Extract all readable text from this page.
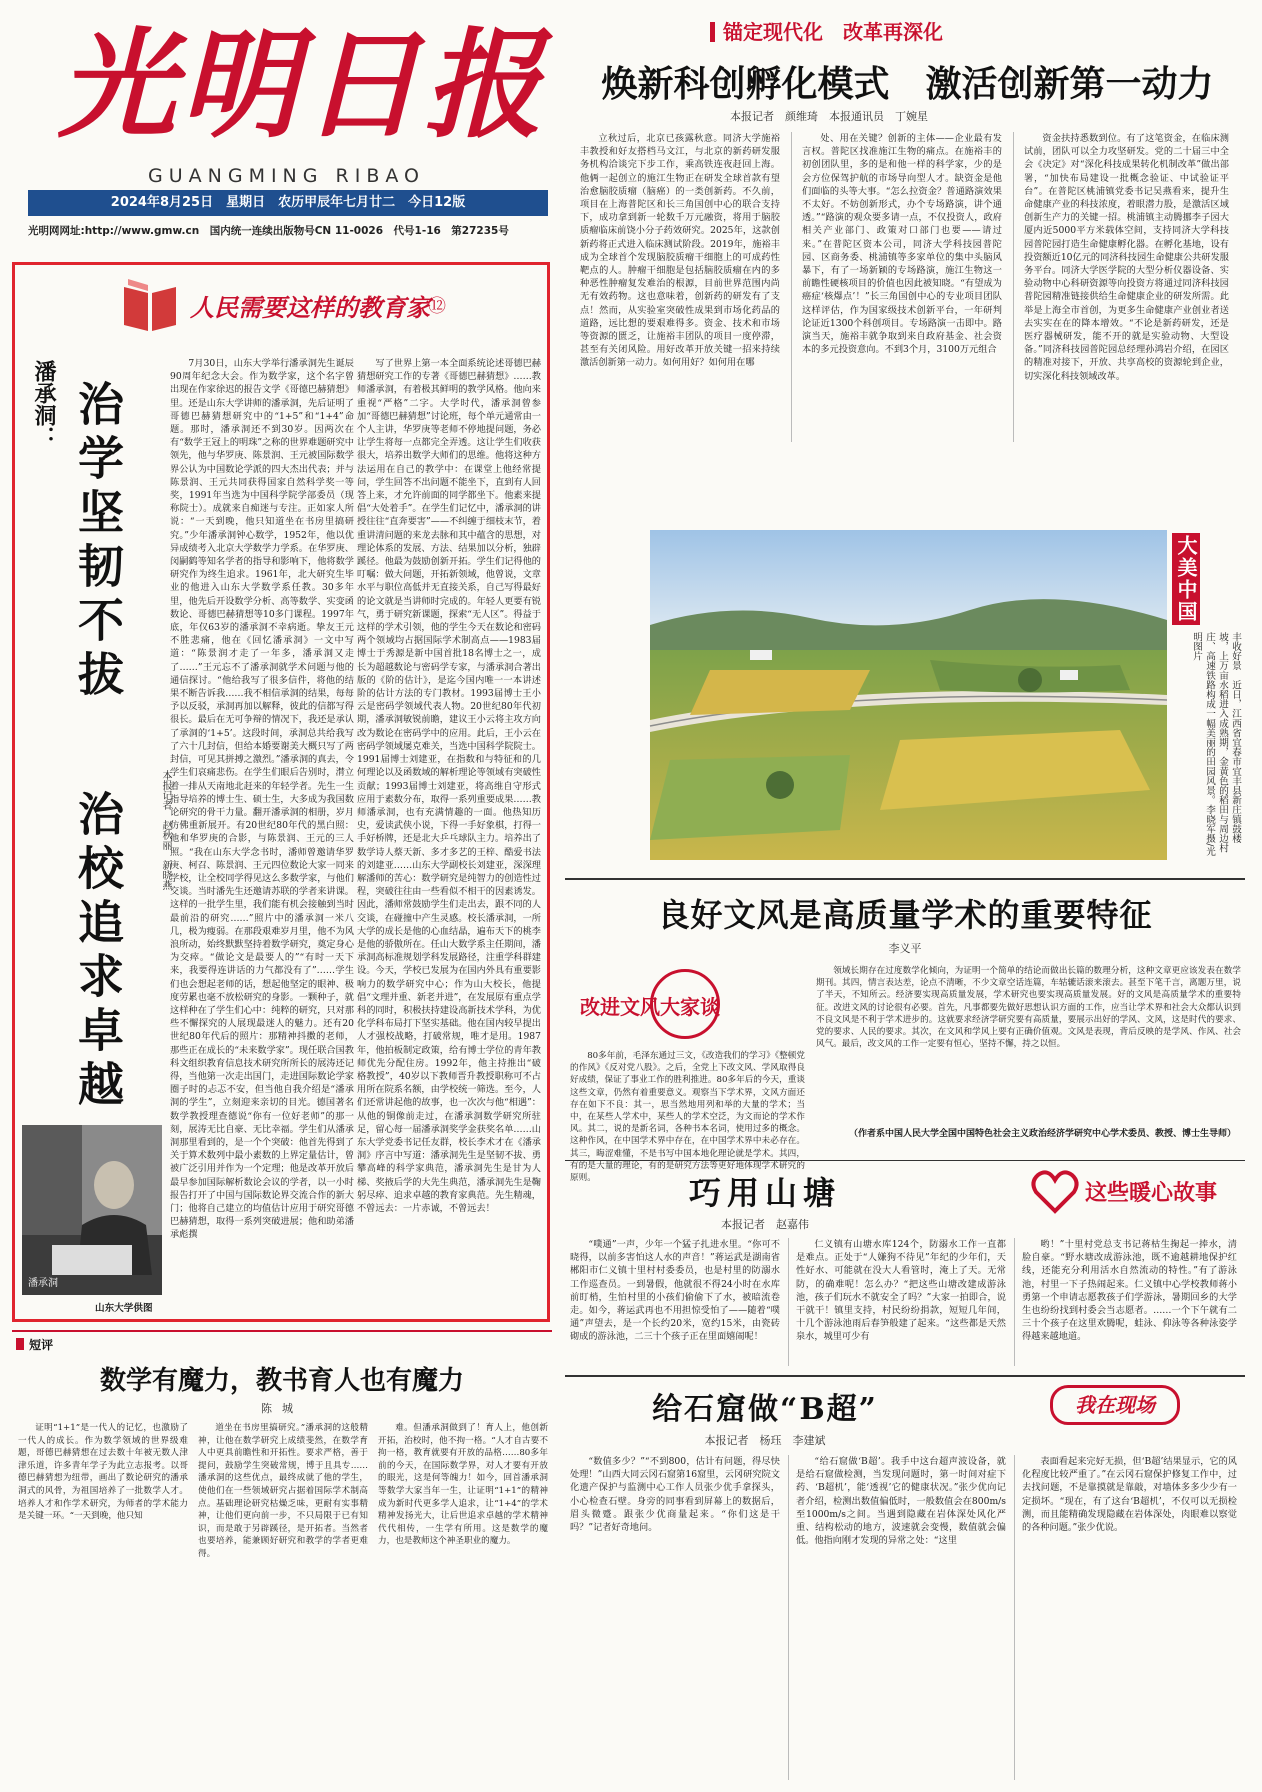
光明日报
GUANGMING RIBAO
2024年8月25日　星期日　农历甲辰年七月廿二　今日12版
光明网网址:http://www.gmw.cn　国内统一连续出版物号CN 11-0026　代号1-16　第27235号
锚定现代化　改革再深化
焕新科创孵化模式　激活创新第一动力
本报记者　颜维琦　本报通讯员　丁婉星

立秋过后，北京已孩露秋意。同济大学施裕丰教授和好友搭档马文江，与北京的新药研发服务机构洽谈完下步工作，乘高铁连夜赶回上海。他俩一起创立的施江生物正在研发全球首款有望治愈脑胶质瘤（脑癌）的一类创新药。不久前，项目在上海普陀区和长三角国创中心的联合支持下，成功拿到新一轮数千万元融资，将用于脑胶质瘤临床前饶小分子药效研究。2025年，这款创新药将正式进入临床测试阶段。2019年，施裕丰成为全球首个发现脑胶质瘤干细胞上的可成药性靶点的人。肿瘤干细胞是包括脑胶质瘤在内的多种恶性肿瘤复发难治的根源，目前世界范围内尚无有效药物。这也意味着，创新药的研发有了支点！然而，从实验室突破性成果到市场化药品的道路，远比想的要艰难得多。资金、技术和市场等资源的匮乏，让施裕丰团队的项目一度停滞，甚至有关闭风险。用好改革开放关键一招来持续激活创新第一动力。如何用好？如何用在哪

处、用在关键？创新的主体——企业最有发言权。普陀区找准施江生物的痛点。在施裕丰的初创团队里，多的是和他一样的科学家，少的是会方位保驾护航的市场导向型人才。缺资金是他们面临的头等大事。“怎么拉资金？普通路演效果不太好。不妨创新形式，办个专场路演，讲个通透。”“路演的观众要多请一点，不仅投资人，政府相关产业部门、政策对口部门也要——请过来。”在普陀区资本公司，同济大学科技园普陀园、区商务委、桃浦镇等多家单位的集中头脑风暴下，有了一场新颖的专场路演，施江生物这一前瞻性硬核项目的价值也因此被知晓。“有望成为癌症‘核爆点’！”长三角国创中心的专业项目团队这样评估，作为国家级技术创新平台，一年研判论证近1300个科创项目。专场路演一击即中。路演当天，施裕丰就争取到来自政府基金、社会资本的多元投资意向。不到3个月，3100万元组合

资金扶持悉数到位。有了这笔资金，在临床测试前，团队可以全力攻坚研发。党的二十届三中全会《决定》对“深化科技成果转化机制改革”做出部署，“加快布局建设一批概念验证、中试验证平台”。在普陀区桃浦镇党委书记吴燕看来，提升生命健康产业的科技浓度，着眼潜力股，是激活区域创新生产力的关键一招。桃浦镇主动腾挪李子园大厦内近5000平方米载体空间，支持同济大学科技园普陀园打造生命健康孵化器。在孵化基地，设有投资额近10亿元的同济科技园生命健康公共研发服务平台。同济大学医学院的大型分析仪器设备、实验动物中心科研资源等向投资方将通过同济科技园普陀园精准链接供给生命健康企业的研发所需。此举是上海全市首创，为更多生命健康产业创业者送去实实在在的降本增效。“不论是新药研发，还是医疗器械研发，能不开的就是实验动物、大型设备。”同济科技园普陀园总经理孙鸿岩介绍，在园区的精准对接下，开放、共享高校的资源轮到企业，切实深化科技领域改革。

大美中国
丰收好景　近日，江西省宜春市宜丰县新庄镇鼓楼坡，上万亩水稻进入成熟期，金黄色的稻田与周边村庄、高速铁路构成一幅美丽的田园风景。李晓军摄/光明图片
人民需要这样的教育家
⑫
潘承洞： 治学坚韧不拔
治校追求卓越	本报记者　赵秋丽　新晓燕
潘承洞
山东大学供图

7月30日，山东大学举行潘承洞先生诞辰90周年纪念大会。作为数学家，这个名字曾出现在作家徐迟的报告文学《哥德巴赫猜想》里。还是山东大学讲师的潘承洞，先后证明了哥德巴赫猜想研究中的“1+5”和“1+4”命题。那时，潘承洞还不到30岁。因两次在有“数学王冠上的明珠”之称的世界难题研究中领先，他与华罗庚、陈景润、王元被国际数学界公认为中国数论学派的四大杰出代表；并与陈景润、王元共同获得国家自然科学奖一等奖，1991年当选为中国科学院学部委员（现称院士）。成就来自痴迷与专注。正如家人所说：“一天到晚，他只知道坐在书房里搞研究。”少年潘承洞钟心数学，1952年，他以优异成绩考入北京大学数学力学系。在华罗庚、闵嗣鹤等知名学者的指导和影响下，他将数学研究作为终生追求。1961年，北大研究生毕业的他进入山东大学数学系任教。30多年里，他先后开设数学分析、高等数学、实变函数论、哥德巴赫猜想等10多门课程。1997年底，年仅63岁的潘承洞不幸病逝。挚友王元不胜悲痛，他在《回忆潘承洞》一文中写道：“陈景润才走了一年多，潘承洞又走了……”王元忘不了潘承洞就学术问题与他的通信探讨。“他给我写了很多信件，将他的结果不断告诉我……我不相信承洞的结果，每每予以反驳，承洞再加以解释，彼此的信都写得很长。最后在无可争辩的情况下，我还是承认了承洞的‘1+5’。这段时间，承洞总共给我写了六十几封信，但给本婚要谢美大概只写了两封信，可见其拼搏之激烈。”潘承洞的真去，令学生们哀痛悲伤。在学生们眼后告别时，潸立着一排从天南地北赶来的年轻学者。先生一生指导培养的博士生、硕士生，大多成为我国数论研究的骨干力量。翻开潘承洞的相册，岁月仿佛重新展开。有20世纪80年代的黑白照：他和华罗庚的合影，与陈景润、王元的三人照。“我在山东大学念书时，潘师曾邀请华罗庚、柯召、陈景润、王元四位数论大家一同来学校，让全校同学得见这么多数学家，与他们交谈。当时潘先生还邀请苏联的学者来讲课。这样的一批学生里，我们能有机会接触到当时最前沿的研究……”照片中的潘承洞一米八几，极为瘦弱。在那段艰难岁月里，他不为风浪所动，始终默默坚持着数学研究，奠定身心为交瘁。“做论文是最要人的”“有时一天下来，我要得连讲话的力气都没有了”……学生们也会想起老师的话，想起他坚定的眼神、极度劳累也毫不放松研究的身影。一颗种子，就这样种在了学生们心中：纯粹的研究，只对那些不懈探究的人展现最迷人的魅力。还有20世纪80年代后的照片：那精神抖擞的老师，那些正在成长的“未来数学家”。现任联合国教科文组织教育信息技术研究所所长的展涛还记得，当他第一次走出国门，走进国际数论学家圈子时的忐忑不安，但当他自我介绍是“潘承洞的学生”，立刻迎来亲切的目光。德国著名数学教授理查德说“你有一位好老师”的那一刻，展涛无比自豪、无比幸福。学生们从潘承洞那里看到的，是一个个突破：他首先得到了关于算术数列中最小素数的上界定量估计，曾被广泛引用并作为一个定理；他是改革开放后最早参加国际解析数论会议的学者，以一小时报告打开了中国与国际数论界交流合作的新大门；他将自己建立的均值估计应用于研究哥德巴赫猜想，取得一系列突破进展；他和助弟潘承彪撰

写了世界上第一本全面系统论述哥德巴赫猜想研究工作的专著《哥德巴赫猜想》……教师潘承洞，有着极其鲜明的教学风格。他向来重视“严格”二字。大学时代，潘承洞曾参加“哥德巴赫猜想”讨论班，每个单元通常由一个人主讲，华罗庚等老师不停地提问题，务必让学生将每一点都完全弄透。这让学生们收获很大，培养出数学大师们的思维。他将这种方法运用在自己的教学中：在课堂上他经常提问，学生回答不出问题不能坐下，直到有人回答上来，才允许前面的同学都坐下。他素来提倡“大处着手”。在学生们记忆中，潘承洞的讲授往往“直奔要害”——不纠缠于细枝末节，着重讲清问题的来龙去脉和其中蕴含的思想，对理论体系的发展、方法、结果加以分析，独辟蹊径。他最为鼓励创新开拓。学生们记得他的叮嘱：做大问题，开拓新领域，他曾说，文章水平与职位高低并无直接关系，自己写得最好的论文就是当讲师时完成的。年轻人更要有锐气，勇于研究新课题，探索“无人区”。得益于这样的学术引领，他的学生今天在数论和密码两个领域均占据国际学术制高点——1983届博士于秀源是新中国首批18名博士之一，成长为超越数论与密码学专家，与潘承洞合著出版的《阶的估计》，是迄今国内唯一一本讲述阶的估计方法的专门教材。1993届博士王小云是密码学领域代表人物。20世纪80年代初期，潘承洞敏锐前瞻，建议王小云将主攻方向改为数论在密码学中的应用。此后，王小云在密码学领域屡克难关，当选中国科学院院士。1991届博士刘建亚，在指数和与特征和的几何理论以及函数域的解析理论等领域有突破性贡献；1993届博士刘建亚，将高维自守形式应用于素数分布，取得一系列重要成果……教师潘承洞，也有充满情趣的一面。他热知历史，爱读武侠小说，下得一手好象棋，打得一手好桥牌，还是北大乒乓球队主力。培养出了数学诗人蔡天新、多才多艺的王梓、酷爱书法的刘建亚……山东大学副校长刘建亚，深深理解潘师的苦心：数学研究是纯智力的创造性过程，突破往往由一些看似不相干的因素诱发。因此，潘师常鼓励学生们走出去，跟不同的人交谈，在碰撞中产生灵感。校长潘承洞，一所大学的成长是他的心血结晶，遍布天下的桃李是他的骄傲所在。任山大数学系主任期间，潘承洞高标准规划学科发展路径，注重学科群建设。今天，学校已发展为在国内外具有重要影响力的数学研究中心；作为山大校长，他提倡“文理并重、新老并进”，在发展原有重点学科的同时，积极扶持建设高新技术学科，为优化学科布局打下坚实基础。他在国内较早提出人才强校战略，打破常规，唯才是用。1987年，他拍板制定政策，给有博士学位的青年教师优先分配住房。1992年，他主持推出“破格教授”，40岁以下教师晋升教授职称可不占用所在院系名额，由学校统一筛选。至今，人们还常讲起他的故事，也一次次与他“相遇”：从他的铜像前走过，在潘承洞数学研究所驻足，留心每一届潘承洞奖学金获奖名单……山东大学党委书记任友群，校长李术才在《潘承洞》序言中写道：潘承洞先生是坚韧不拔、勇攀高峰的科学家典范，潘承洞先生是甘为人梯、奖掖后学的大先生典范，潘承洞先生是鞠躬尽瘁、追求卓越的教育家典范。先生精魂，不曾远去：一片赤诚，不曾远去！

良好文风是高质量学术的重要特征
李义平
改进文风大家谈

80多年前，毛泽东通过三文，《改造我们的学习》《整顿党的作风》《反对党八股》。之后，全党上下改文风、学风取得良好成绩，保证了事业工作的胜利推进。80多年后的今天，重谈这些文章，仍然有着重要意义。观察当下学术界，文风方面还存在如下不良：其一，思当然地用列和举的大量的学术；当中，在某些人学术中，某些人的学术空泛，为文而论的学术作风。其二，说的是新名词，各种书本名词，使用过多的概念。这种作风，在中国学术界中存在，在中国学术界中未必存在。其三，晦涩难懂，不是书写中国本地化理论就是学术。其四，有的是大量的理论，有的是研究方法等更好地体现学术研究的原则。

领域长期存在过度数学化倾向，为证明一个简单的结论而做出长篇的数理分析，这种文章更应该发表在数学期刊。其四，情言表达差，论点不清晰，不少文章空话连篇，车轱辘话滚来滚去。甚至下笔千言，离题万里，说了半天，不知所云。经济要实现高质量发展，学术研究也要实现高质量发展。好的文风是高质量学术的重要特征。改进文风的讨论很有必要。首先，凡事都要先做好思想认识方面的工作，应当让学术界和社会大众都认识到不良文风是不利于学术进步的。这就要求经济学研究要有高质量，要展示出好的学风、文风，这是时代的要求、党的要求、人民的要求。其次，在文风和学风上要有正确价值观。文风是表现，背后反映的是学风、作风、社会风气。最后，改文风的工作一定要有恒心，坚持不懈，持之以恒。

（作者系中国人民大学全国中国特色社会主义政治经济学研究中心学术委员、教授、博士生导师）
巧用山塘
本报记者　赵嘉伟
这些暖心故事

“噗通”一声，少年一个猛子扎进水里。“你可不晓得，以前多害怕这人水的声音！”蒋运武是湖南省郴阳市仁义镇十里村村委委员，也是村里的防溺水工作巡查员。一到暑假，他就很不得24小时在水库前盯梢，生怕村里的小孩们偷偷下了水，被暗流卷走。如今，蒋运武再也不用担惊受怕了——随着“噗通”声望去，是一个长约20米，宽约15米，由瓷砖砌成的游泳池，二三十个孩子正在里面嬉闹呢！

仁义镇有山塘水库124个，防溺水工作一直都是难点。正处于“人嫌狗不待见”年纪的少年们，天性好水、可能就在没大人看管时，淹上了天。无常防，的确难呢！怎么办？“把这些山塘改建成游泳池，孩子们玩水不就安全了吗？”大家一拍即合，说干就干！镇里支持，村民纷纷捐款，短短几年间，十几个游泳池雨后春笋般建了起来。“这些都是天然泉水，城里可少有

哟！”十里村党总支书记蒋枯生掬起一捧水，清脸自豪。“野水塘改成游泳池，既不逾越耕地保护红线，还能充分利用活水自然流动的特性。”有了游泳池，村里一下子热闹起来。仁义镇中心学校教师蒋小勇第一个申请志愿教孩子们学游泳，暑期回乡的大学生也纷纷找到村委会当志愿者。……一个下午就有二三十个孩子在这里欢腾呢，蛙泳、仰泳等各种泳姿学得越来越地道。

短评
数学有魔力，教书育人也有魔力
陈城

证明“1+1”是一代人的记忆，也激励了一代人的成长。作为数学领域的世界级难题，哥德巴赫猜想在过去数十年被无数人津津乐道，许多青年学子为此立志报考。以哥德巴赫猜想为纽带，画出了数论研究的潘承洞式的风骨，为祖国培养了一批数学人才。培养人才和作学术研究，为师者的学术能力是关键一环。“一天到晚，他只知

道坐在书房里搞研究。”潘承洞的这般精神，让他在数学研究上成绩斐然，在数学育人中更具前瞻性和开拓性。要求严格，善于提问，鼓励学生突破常规，博于且具专……潘承洞的这些优点，最终成就了他的学生，使他们在一些领域研究占据着国际学术制高点。基础理论研究枯燥乏味，更耐有实事精神，让他们更向前一步，不只局限于已有知识，而是敢于另辟蹊径，是开拓者。当然者也要培养，能兼顾好研究和教学的学者更难得。

难。但潘承洞做到了！育人上，他创新开拓，治校时，他不拘一格。“人才自古要不拘一格，教育就要有开放的品格……80多年前的今天，在国际数学界，对人才要有开放的眼光，这是何等魄力！如今，回首潘承洞等数学大家当年一生，让证明“1+1”的精神成为新时代更多学人追求，让“1+4”的学术精神发扬光大，让后世追求卓越的学术精神代代相传，一生学有所用。这是数学的魔力，也是教师这个神圣职业的魔力。

给石窟做“B超”
本报记者　杨珏　李建斌
我在现场

“数值多少？”“不到800，估计有问题，得尽快处理！”山西大同云冈石窟第16窟里，云冈研究院文化遗产保护与监测中心工作人员张少优手拿探头，小心检查石壁。身旁的同事看到屏幕上的数据后，眉头微蹙。跟张少优商量起来。“你们这是干吗？”记者好奇地问。

“给石窟做‘B超’。我手中这台超声波设备，就是给石窟做检测，当发现问题时，第一时间对症下药、‘B超机’，能‘透视’它的健康状况。”张少优向记者介绍，检测出数值偏低时，一般数值会在800m/s至1000m/s之间。当遇到隐藏在岩体深处风化严重、结构松动的地方，波速就会变慢，数值就会偏低。他指向刚才发现的异常之处：“这里

表面看起来完好无损，但‘B超’结果显示，它的风化程度比较严重了。”在云冈石窟保护修复工作中，过去找问题，不是靠摸就是靠敲，对墙体多多少少有一定损坏。“现在，有了这台‘B超机’，不仅可以无损检测，而且能精确发现隐藏在岩体深处，肉眼难以察觉的各种问题。”张少优说。
